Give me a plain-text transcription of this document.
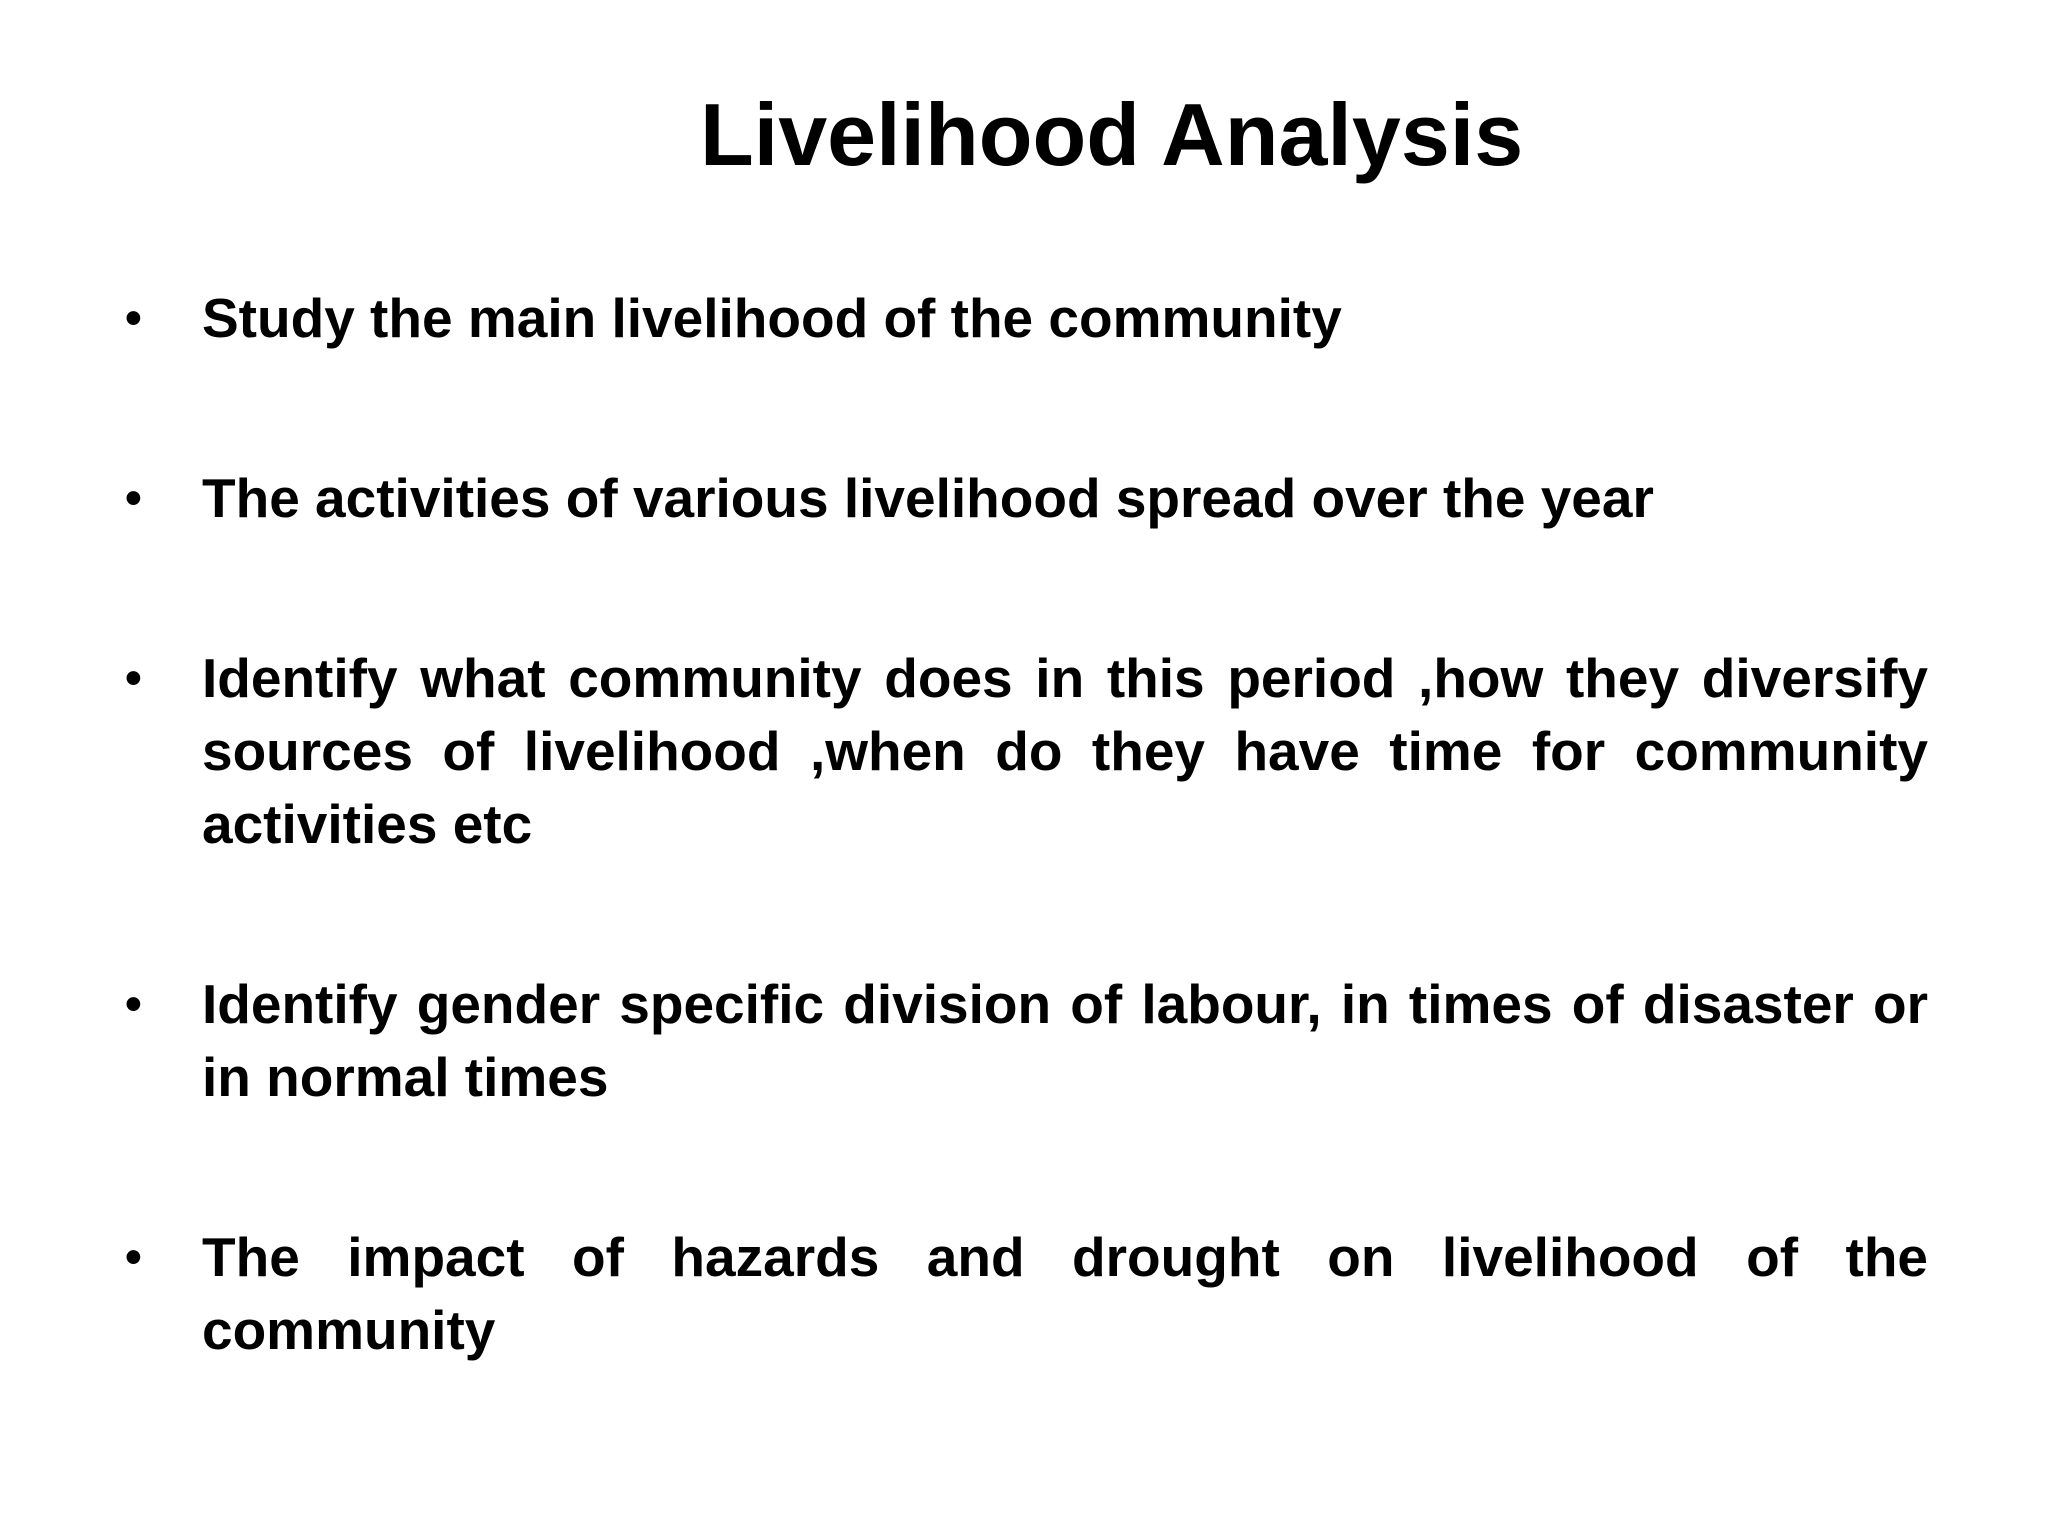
Livelihood Analysis
•	Study the main livelihood of the community
•	The activities of various livelihood spread over the year
•	Identify what community does in this period ,how they diversify sources of livelihood ,when do they have time for community activities etc
•	Identify gender specific division of labour, in times of disaster or in normal times
•	The impact of hazards and drought on livelihood of the community
